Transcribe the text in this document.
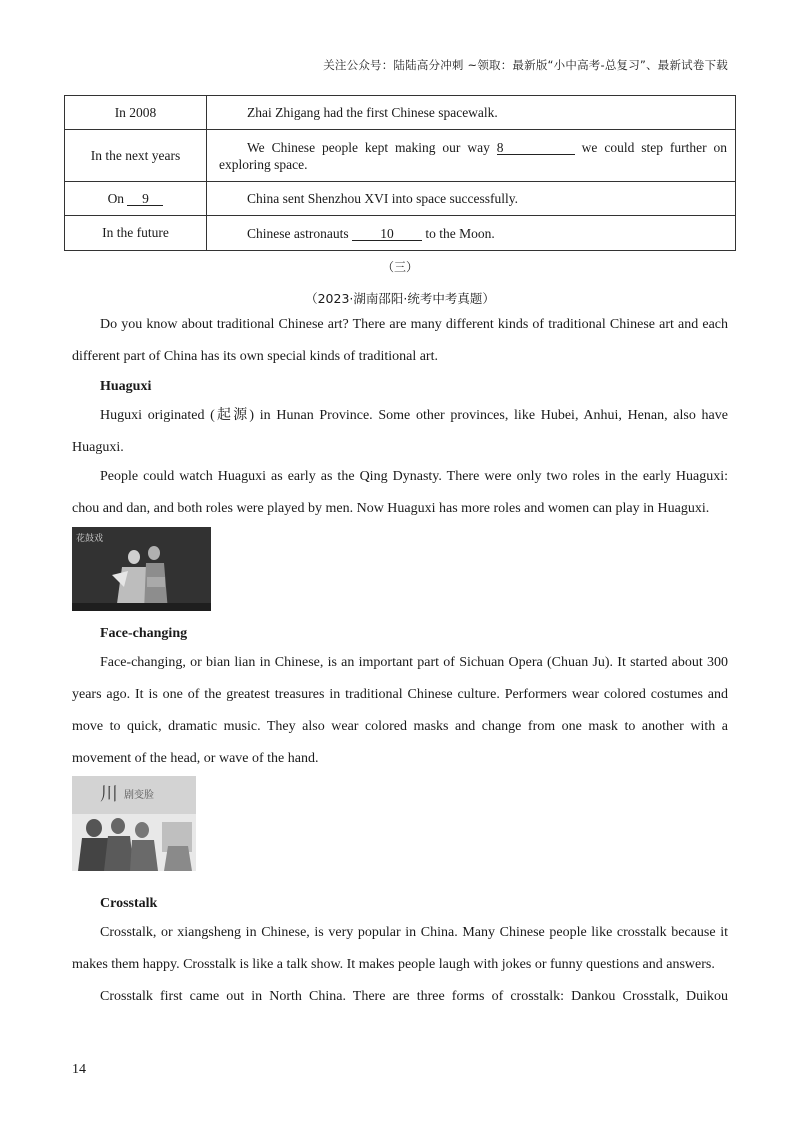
关注公众号：陆陆高分冲刺 ~领取：最新版“小中高考-总复习”、最新试卷下载
In 2008	Zhai Zhigang had the first Chinese spacewalk.

In the next years	We Chinese people kept making our way 8 we could step further on
exploring space.
On 9	China sent Shenzhou XVI into space successfully.

In the future	Chinese astronauts 10 to the Moon.
（三）
（2023·湖南邵阳·统考中考真题）
Do you know about traditional Chinese art? There are many different kinds of traditional Chinese art and each
different part of China has its own special kinds of traditional art.
Huaguxi
Huguxi originated (起源) in Hunan Province. Some other provinces, like Hubei, Anhui, Henan, also have
Huaguxi.
People could watch Huaguxi as early as the Qing Dynasty. There were only two roles in the early Huaguxi:
chou and dan, and both roles were played by men. Now Huaguxi has more roles and women can play in Huaguxi.
花鼓戏
Face-changing
Face-changing, or bian lian in Chinese, is an important part of Sichuan Opera (Chuan Ju). It started about 300
years ago. It is one of the greatest treasures in traditional Chinese culture. Performers wear colored costumes and
move to quick, dramatic music. They also wear colored masks and change from one mask to another with a
movement of the head, or wave of the hand.
川 剧变脸
Crosstalk
Crosstalk, or xiangsheng in Chinese, is very popular in China. Many Chinese people like crosstalk because it
makes them happy. Crosstalk is like a talk show. It makes people laugh with jokes or funny questions and answers.
Crosstalk first came out in North China. There are three forms of crosstalk: Dankou Crosstalk, Duikou
14
